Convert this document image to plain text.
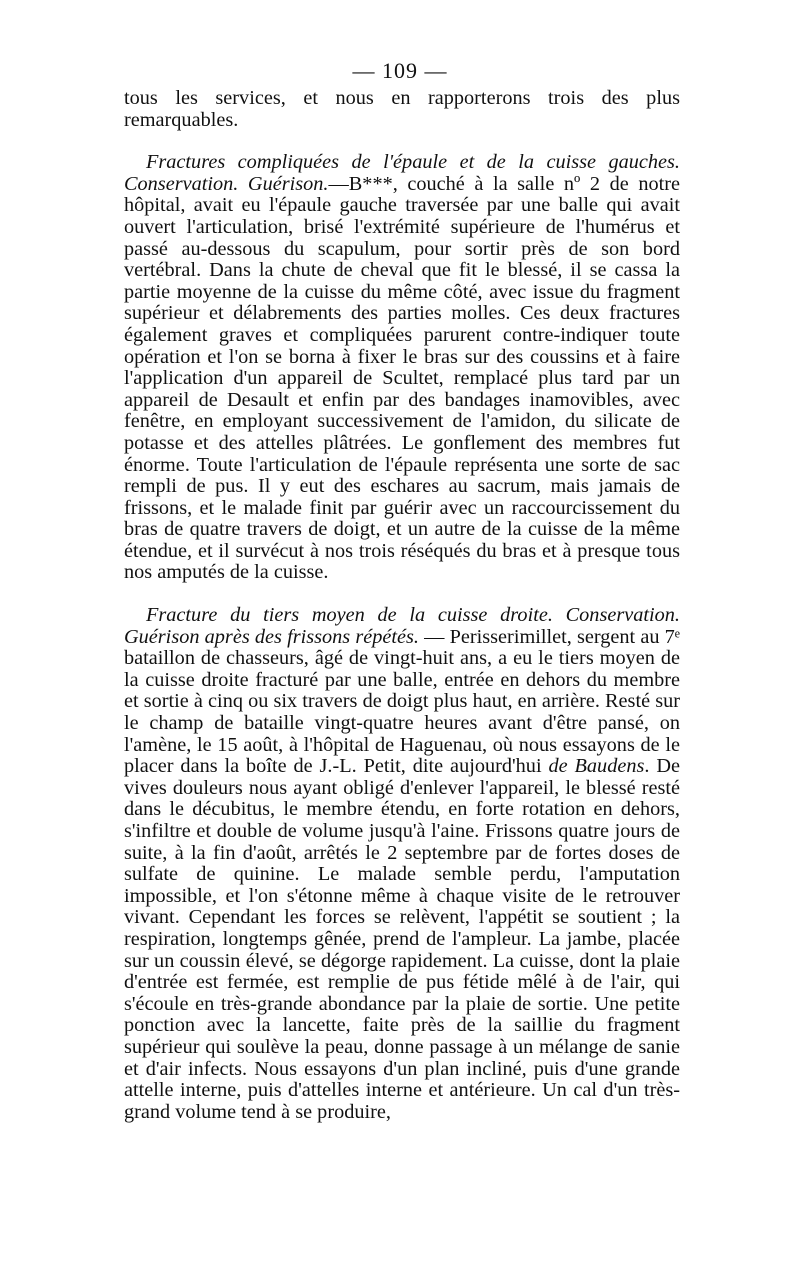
— 109 —

tous les services, et nous en rapporterons trois des plus remarquables.

Fractures compliquées de l'épaule et de la cuisse gauches. Conservation. Guérison.—B***, couché à la salle nº 2 de notre hôpital, avait eu l'épaule gauche traversée par une balle qui avait ouvert l'articulation, brisé l'extrémité supérieure de l'humérus et passé au-dessous du scapulum, pour sortir près de son bord vertébral. Dans la chute de cheval que fit le blessé, il se cassa la partie moyenne de la cuisse du même côté, avec issue du fragment supérieur et délabrements des parties molles. Ces deux fractures également graves et compliquées parurent contre-indiquer toute opération et l'on se borna à fixer le bras sur des coussins et à faire l'application d'un appareil de Scultet, remplacé plus tard par un appareil de Desault et enfin par des bandages inamovibles, avec fenêtre, en employant successivement de l'amidon, du silicate de potasse et des attelles plâtrées. Le gonflement des membres fut énorme. Toute l'articulation de l'épaule représenta une sorte de sac rempli de pus. Il y eut des eschares au sacrum, mais jamais de frissons, et le malade finit par guérir avec un raccourcissement du bras de quatre travers de doigt, et un autre de la cuisse de la même étendue, et il survécut à nos trois réséqués du bras et à presque tous nos amputés de la cuisse.

Fracture du tiers moyen de la cuisse droite. Conservation. Guérison après des frissons répétés. — Perisserimillet, sergent au 7ᵉ bataillon de chasseurs, âgé de vingt-huit ans, a eu le tiers moyen de la cuisse droite fracturé par une balle, entrée en dehors du membre et sortie à cinq ou six travers de doigt plus haut, en arrière. Resté sur le champ de bataille vingt-quatre heures avant d'être pansé, on l'amène, le 15 août, à l'hôpital de Haguenau, où nous essayons de le placer dans la boîte de J.-L. Petit, dite aujourd'hui de Baudens. De vives douleurs nous ayant obligé d'enlever l'appareil, le blessé resté dans le décubitus, le membre étendu, en forte rotation en dehors, s'infiltre et double de volume jusqu'à l'aine. Frissons quatre jours de suite, à la fin d'août, arrêtés le 2 septembre par de fortes doses de sulfate de quinine. Le malade semble perdu, l'amputation impossible, et l'on s'étonne même à chaque visite de le retrouver vivant. Cependant les forces se relèvent, l'appétit se soutient ; la respiration, longtemps gênée, prend de l'ampleur. La jambe, placée sur un coussin élevé, se dégorge rapidement. La cuisse, dont la plaie d'entrée est fermée, est remplie de pus fétide mêlé à de l'air, qui s'écoule en très-grande abondance par la plaie de sortie. Une petite ponction avec la lancette, faite près de la saillie du fragment supérieur qui soulève la peau, donne passage à un mélange de sanie et d'air infects. Nous essayons d'un plan incliné, puis d'une grande attelle interne, puis d'attelles interne et antérieure. Un cal d'un très-grand volume tend à se produire,
